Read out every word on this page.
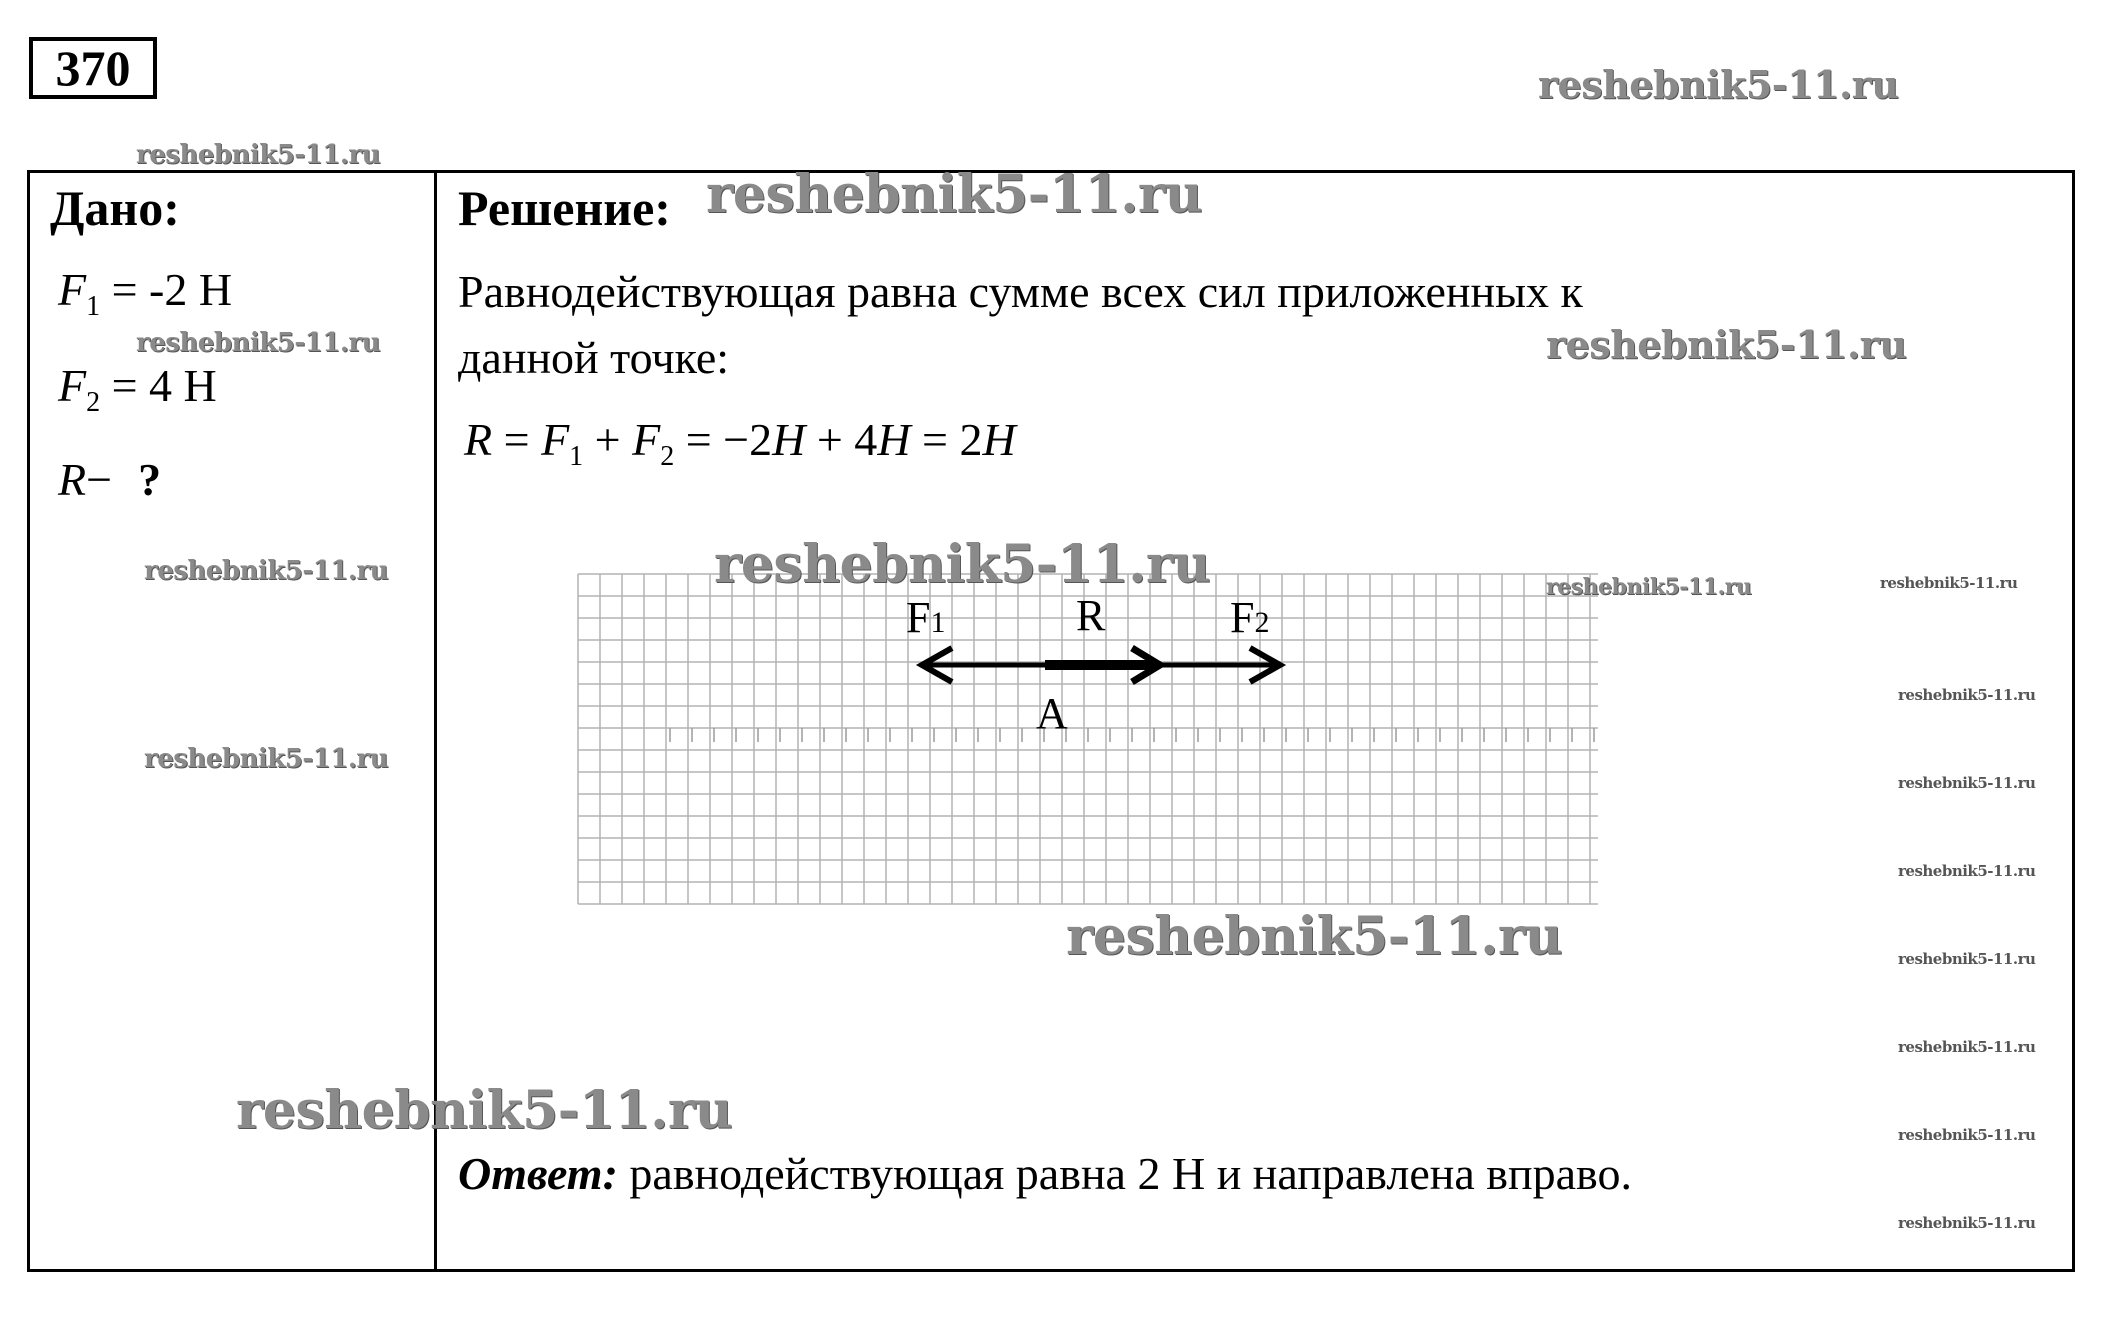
370
Дано:
$F_1 = -2$ Н
$F_2 = 4$ Н
R− ?
Решение:
Равнодействующая равна сумме всех сил приложенных к
данной точке:
$R = F_1 + F_2 = -2H + 4H = 2H$
F1	R	F2
A
Ответ: равнодействующая равна 2 Н и направлена вправо.
reshebnik5-11.ru
reshebnik5-11.ru
reshebnik5-11.ru
reshebnik5-11.ru	reshebnik5-11.ru
reshebnik5-11.ru	reshebnik5-11.ru	reshebnik5-11.ru	reshebnik5-11.ru
reshebnik5-11.ru
reshebnik5-11.ru
reshebnik5-11.ru
reshebnik5-11.ru
reshebnik5-11.ru	reshebnik5-11.ru
reshebnik5-11.ru
reshebnik5-11.ru	reshebnik5-11.ru
reshebnik5-11.ru
